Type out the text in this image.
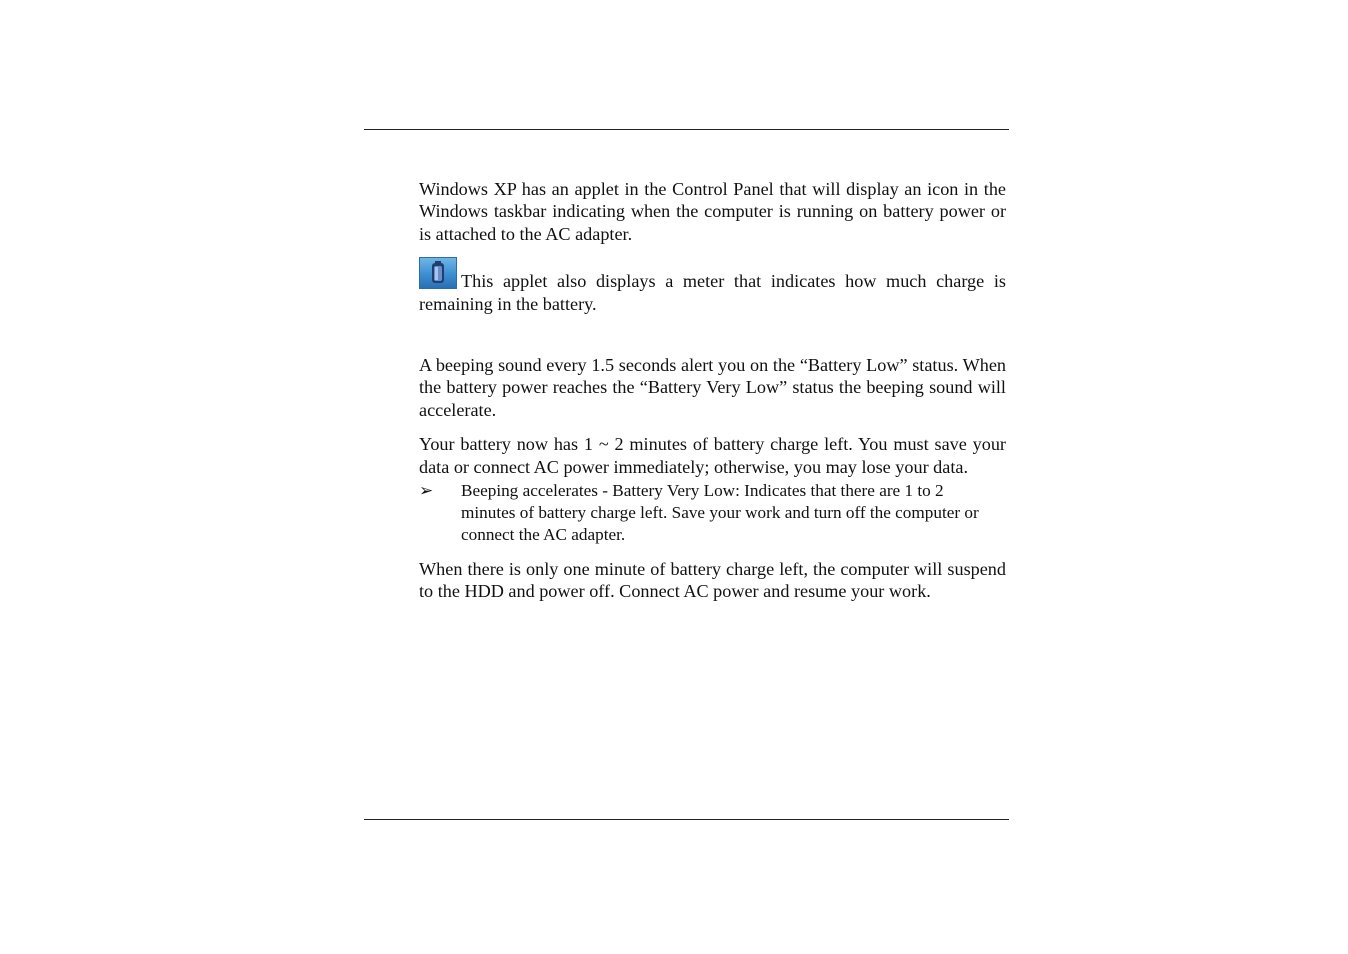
Windows XP has an applet in the Control Panel that will display an icon in the Windows taskbar indicating when the computer is running on battery power or is attached to the AC adapter.

This applet also displays a meter that indicates how much charge is remaining in the battery.

A beeping sound every 1.5 seconds alert you on the “Battery Low” status. When the battery power reaches the “Battery Very Low” status the beeping sound will accelerate.

Your battery now has 1 ~ 2 minutes of battery charge left. You must save your data or connect AC power immediately; otherwise, you may lose your data.

➢	Beeping accelerates - Battery Very Low: Indicates that there are 1 to 2 minutes of battery charge left. Save your work and turn off the computer or connect the AC adapter.

When there is only one minute of battery charge left, the computer will suspend to the HDD and power off. Connect AC power and resume your work.
